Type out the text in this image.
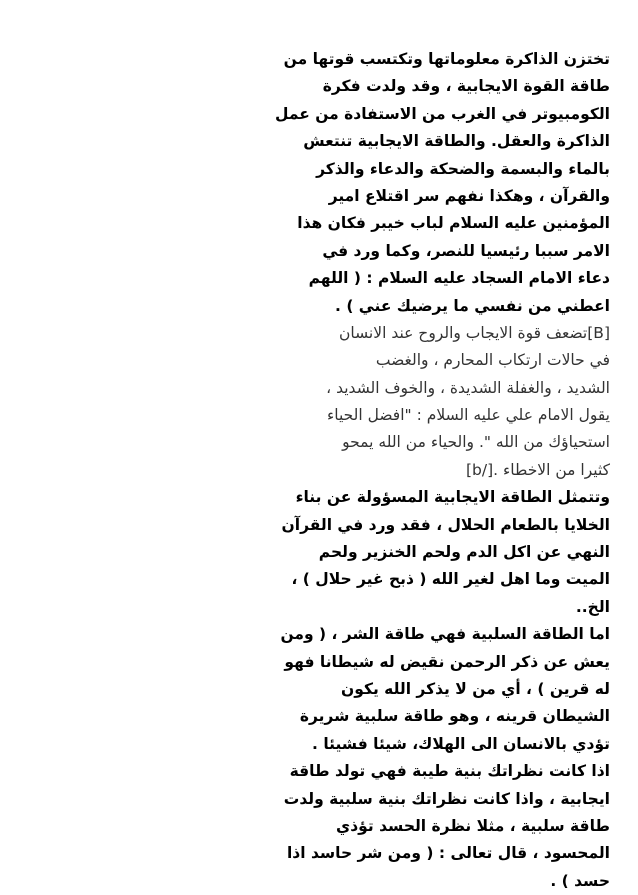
تختزن الذاكرة معلوماتها وتكتسب قوتها من
طاقة القوة الايجابية ، وقد ولدت فكرة
الكومبيوتر في الغرب من الاستفادة من عمل
الذاكرة والعقل. والطاقة الايجابية تنتعش
بالماء والبسمة والضحكة والدعاء والذكر
والقرآن ، وهكذا نفهم سر اقتلاع امير
المؤمنين عليه السلام لباب خيبر فكان هذا
الامر سببا رئيسيا للنصر، وكما ورد في
دعاء الامام السجاد عليه السلام : ( اللهم
اعطني من نفسي ما يرضيك عني ) .
[B]تضعف قوة الايجاب والروح عند الانسان
في حالات ارتكاب المحارم ، والغضب
الشديد ، والغفلة الشديدة ، والخوف الشديد ،
يقول الامام علي عليه السلام : "افضل الحياء
استحياؤك من الله ". والحياء من الله يمحو
كثيرا من الاخطاء .[/b]
وتتمثل الطاقة الايجابية المسؤولة عن بناء
الخلايا بالطعام الحلال ، فقد ورد في القرآن
النهي عن اكل الدم ولحم الخنزير ولحم
الميت وما اهل لغير الله ( ذبح غير حلال ) ،
الخ..
اما الطاقة السلبية فهي طاقة الشر ، ( ومن
يعش عن ذكر الرحمن نقيض له شيطانا فهو
له قرين ) ، أي من لا يذكر الله يكون
الشيطان قرينه ، وهو طاقة سلبية شريرة
تؤدي بالانسان الى الهلاك، شيئا فشيئا .
اذا كانت نظراتك بنية طيبة فهي تولد طاقة
ايجابية ، واذا كانت نظراتك بنية سلبية ولدت
طاقة سلبية ، مثلا نظرة الحسد تؤذي
المحسود ، قال تعالى : ( ومن شر حاسد اذا
حسد ) .
